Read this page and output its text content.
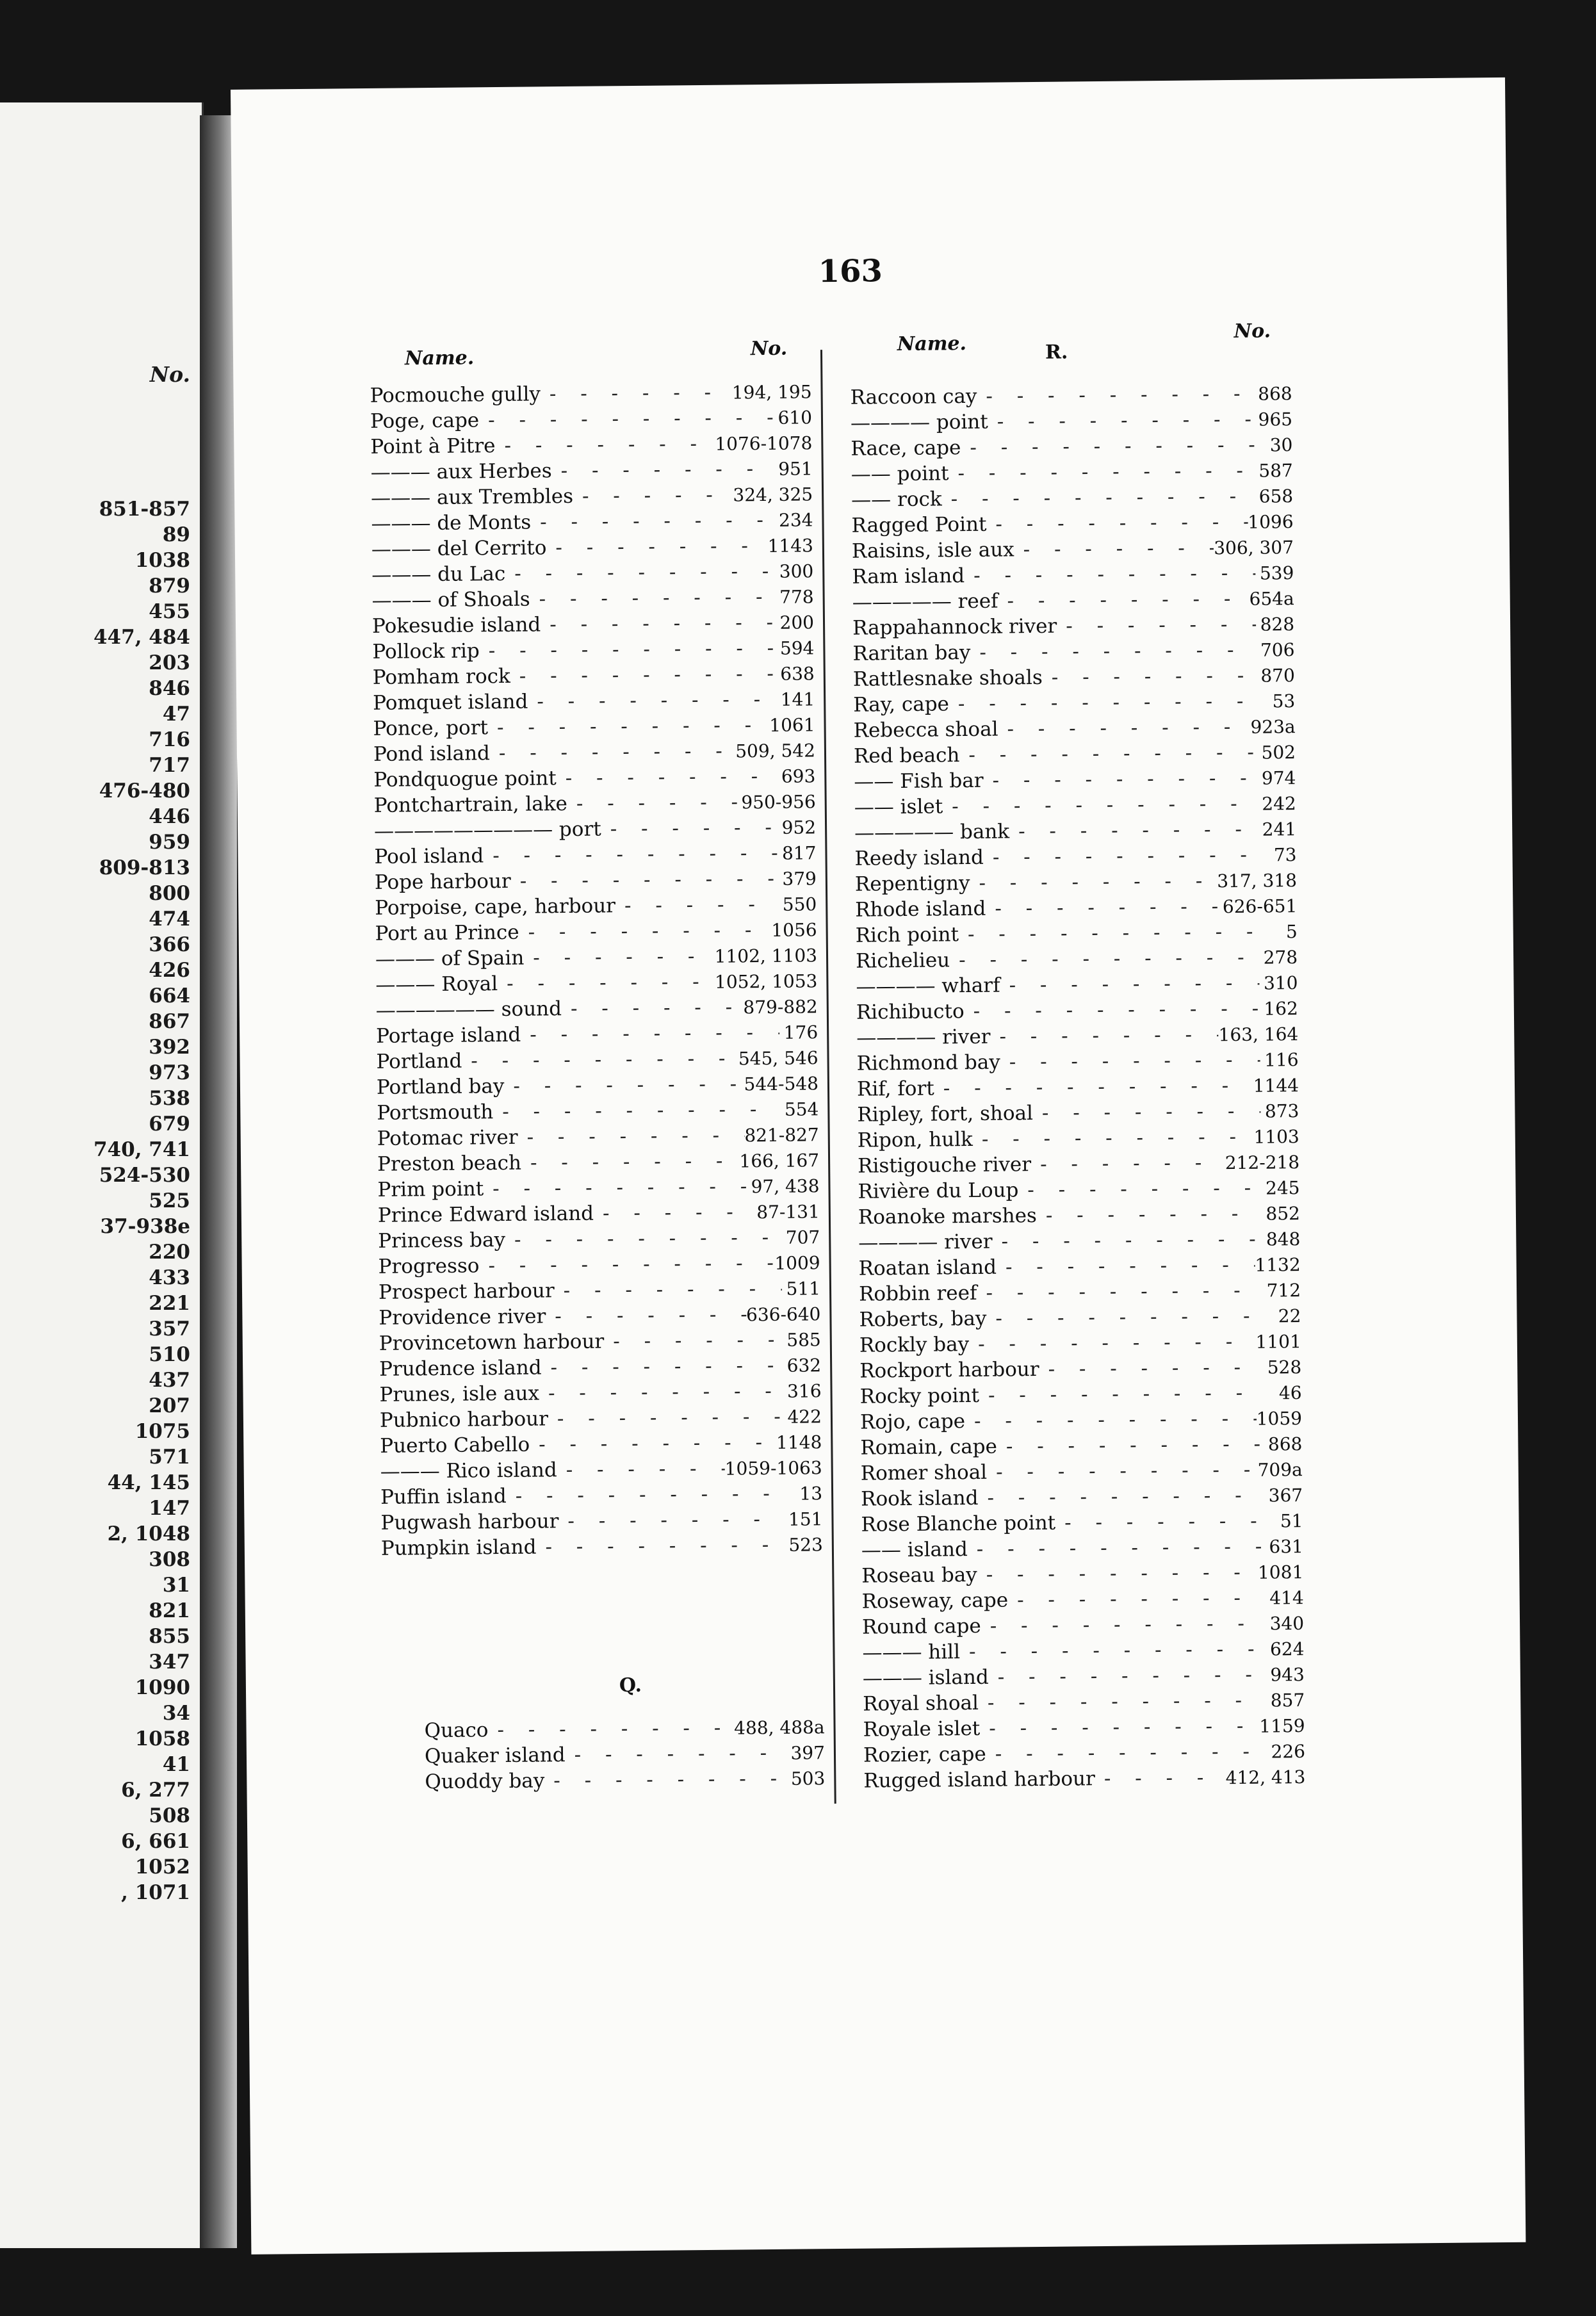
No.
851-857
89
1038
879
455
447, 484
203
846
47
716
717
476-480
446
959
809-813
800
474
366
426
664
867
392
973
538
679
740, 741
524-530
525
37-938e
220
433
221
357
510
437
207
1075
571
44, 145
147
2, 1048
308
31
821
855
347
1090
34
1058
41
6, 277
508
6, 661
1052
, 1071
163
Name.	No.
Pocmouche gully - - -	194, 195
Poge, cape - - -	610
Point à Pitre - - -	1076-1078
——— aux Herbes - - -	951
——— aux Trembles - - -	324, 325
——— de Monts - - -	234
——— del Cerrito - - -	1143
——— du Lac - - -	300
——— of Shoals - - -	778
Pokesudie island - - -	200
Pollock rip - - -	594
Pomham rock - - -	638
Pomquet island - - -	141
Ponce, port - - -	1061
Pond island - - -	509, 542
Pondquogue point - - -	693
Pontchartrain, lake - - -	950-956
————————— port - - -	952
Pool island - - -	817
Pope harbour - - -	379
Porpoise, cape, harbour - - -	550
Port au Prince - - -	1056
——— of Spain - - -	1102, 1103
——— Royal - - -	1052, 1053
—————— sound - - -	879-882
Portage island - - -	176
Portland - - -	545, 546
Portland bay - - -	544-548
Portsmouth - - -	554
Potomac river - - -	821-827
Preston beach - - -	166, 167
Prim point - - -	97, 438
Prince Edward island - - -	87-131
Princess bay - - -	707
Progresso - - -	1009
Prospect harbour - - -	511
Providence river - - -	636-640
Provincetown harbour - - -	585
Prudence island - - -	632
Prunes, isle aux - - -	316
Pubnico harbour - - -	422
Puerto Cabello - - -	1148
——— Rico island - - -	1059-1063
Puffin island - - -	13
Pugwash harbour - - -	151
Pumpkin island - - -	523
Q.
Quaco - - -	488, 488a
Quaker island - - -	397
Quoddy bay - - -	503
Name.	R.
No.
Raccoon cay - - -	868
———— point - - -	965
Race, cape - - -	30
—— point - - -	587
—— rock - - -	658
Ragged Point - - -	1096
Raisins, isle aux - - -	306, 307
Ram island - - -	539
————— reef - - -	654a
Rappahannock river - - -	828
Raritan bay - - -	706
Rattlesnake shoals - - -	870
Ray, cape - - -	53
Rebecca shoal - - -	923a
Red beach - - -	502
—— Fish bar - - -	974
—— islet - - -	242
————— bank - - -	241
Reedy island - - -	73
Repentigny - - -	317, 318
Rhode island - - -	626-651
Rich point - - -	5
Richelieu - - -	278
———— wharf - - -	310
Richibucto - - -	162
———— river - - -	163, 164
Richmond bay - - -	116
Rif, fort - - -	1144
Ripley, fort, shoal - - -	873
Ripon, hulk - - -	1103
Ristigouche river - - -	212-218
Rivière du Loup - - -	245
Roanoke marshes - - -	852
———— river - - -	848
Roatan island - - -	1132
Robbin reef - - -	712
Roberts, bay - - -	22
Rockly bay - - -	1101
Rockport harbour - - -	528
Rocky point - - -	46
Rojo, cape - - -	1059
Romain, cape - - -	868
Romer shoal - - -	709a
Rook island - - -	367
Rose Blanche point - - -	51
—— island - - -	631
Roseau bay - - -	1081
Roseway, cape - - -	414
Round cape - - -	340
——— hill - - -	624
——— island - - -	943
Royal shoal - - -	857
Royale islet - - -	1159
Rozier, cape - - -	226
Rugged island harbour - - -	412, 413
